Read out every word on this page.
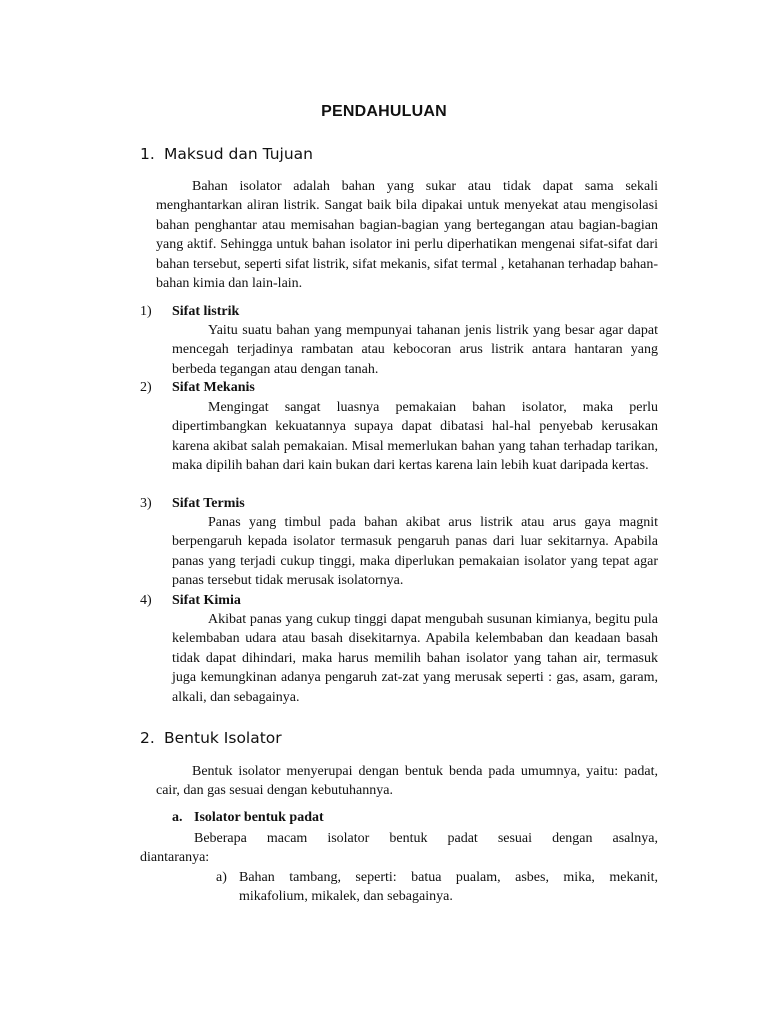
PENDAHULUAN
1. Maksud dan Tujuan
Bahan isolator adalah bahan yang sukar atau tidak dapat sama sekali menghantarkan aliran listrik. Sangat baik bila dipakai untuk menyekat atau mengisolasi bahan penghantar atau memisahan bagian-bagian yang bertegangan atau bagian-bagian yang aktif. Sehingga untuk bahan isolator ini perlu diperhatikan mengenai sifat-sifat dari bahan tersebut, seperti sifat listrik, sifat mekanis, sifat termal , ketahanan terhadap bahan-bahan kimia dan lain-lain.
1) Sifat listrik
Yaitu suatu bahan yang mempunyai tahanan jenis listrik yang besar agar dapat mencegah terjadinya rambatan atau kebocoran arus listrik antara hantaran yang berbeda tegangan atau dengan tanah.
2) Sifat Mekanis
Mengingat sangat luasnya pemakaian bahan isolator, maka perlu dipertimbangkan kekuatannya supaya dapat dibatasi hal-hal penyebab kerusakan karena akibat salah pemakaian. Misal memerlukan bahan yang tahan terhadap tarikan, maka dipilih bahan dari kain bukan dari kertas karena lain lebih kuat daripada kertas.
3) Sifat Termis
Panas yang timbul pada bahan akibat arus listrik atau arus gaya magnit berpengaruh kepada isolator termasuk pengaruh panas dari luar sekitarnya. Apabila panas yang terjadi cukup tinggi, maka diperlukan pemakaian isolator yang tepat agar panas tersebut tidak merusak isolatornya.
4) Sifat Kimia
Akibat panas yang cukup tinggi dapat mengubah susunan kimianya, begitu pula kelembaban udara atau basah disekitarnya. Apabila kelembaban dan keadaan basah tidak dapat dihindari, maka harus memilih bahan isolator yang tahan air, termasuk juga kemungkinan adanya pengaruh zat-zat yang merusak seperti : gas, asam, garam, alkali, dan sebagainya.
2. Bentuk Isolator
Bentuk isolator menyerupai dengan bentuk benda pada umumnya, yaitu: padat, cair, dan gas sesuai dengan kebutuhannya.
a. Isolator bentuk padat
Beberapa macam isolator bentuk padat sesuai dengan asalnya,
diantaranya:
a) Bahan tambang, seperti: batua pualam, asbes, mika, mekanit,
mikafolium, mikalek, dan sebagainya.
